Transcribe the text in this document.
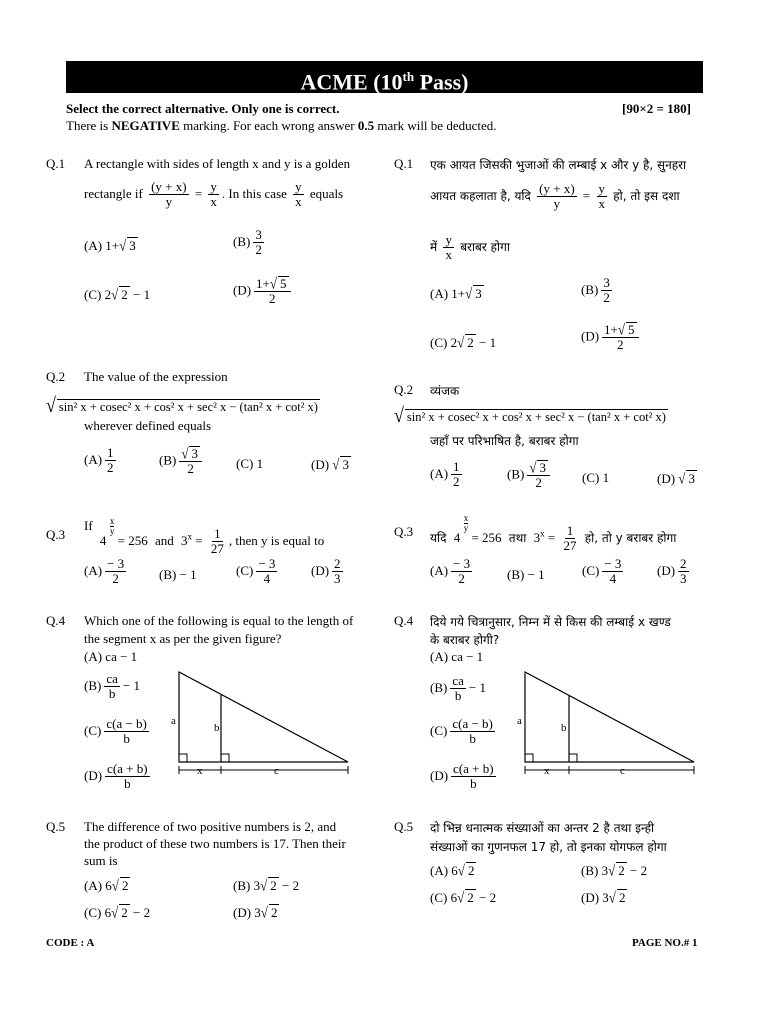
ACME (10th Pass)
Select the correct alternative. Only one is correct.	[90×2 = 180]
There is NEGATIVE marking. For each wrong answer 0.5 mark will be deducted.
Q.1 A rectangle with sides of length x and y is a golden
rectangle if $\frac{(y + x)}{y} = \frac{y}{x}$ . In this case $\frac{y}{x}$ equals
(A) 1+√ 3	$(B) \frac{3}{2}$
(C) 2√ 2 − 1	$(D) \frac{1+√ 5}{2}$
Q.1 एक आयत जिसकी भुजाओं की लम्बाई x और y है, सुनहरा
आयत कहलाता है, यदि $\frac{(y + x)}{y} = \frac{y}{x}$ हो, तो इस दशा
में $\frac{y}{x}$ बराबर होगा
(A) 1+√ 3	$(B) \frac{3}{2}$
(C) 2√ 2 − 1	$(D) \frac{1+√ 5}{2}$
Q.2 The value of the expression
√ sin² x + cosec² x + cos² x + sec² x − (tan² x + cot² x)
wherever defined equals
$(A) \frac{1}{2}$	$(B) \frac{√ 3}{2}$	(C) 1	(D) √ 3
Q.2 व्यंजक
√ sin² x + cosec² x + cos² x + sec² x − (tan² x + cot² x)
जहाँ पर परिभाषित है, बराबर होगा
$(A) \frac{1}{2}$	$(B) \frac{√ 3}{2} (C)$ 1	(D) √ 3
Q.3
If 4
x
y
= 256 and $3^x = \frac{1}{27}$ , then y is equal to
$(A) \frac{- 3}{2}$	(B) − 1	$(C) \frac{- 3}{4}$	$(D) \frac{2}{3}$
Q.3 यदि 4
x
y
= 256 तथा $3^x = \frac{1}{27}$ हो, तो y बराबर होगा
$(A) \frac{- 3}{2}$	(B) − 1	$(C) \frac{- 3}{4}$	$(D) \frac{2}{3}$
Q.4 Which one of the following is equal to the length of
the segment x as per the given figure?
(A) ca − 1
$(B) \frac{ca}{b} - 1$
$(C) \frac{c(a - b)}{b}$
$(D) \frac{c(a + b)}{b}$
a
b
x	c
Q.4 दिये गये चित्रानुसार, निम्न में से किस की लम्बाई x खण्ड
के बराबर होगी?
(A) ca − 1
$(B) \frac{ca}{b} - 1$
$(C) \frac{c(a - b)}{b}$
$(D) \frac{c(a + b)}{b}$
a
b
x	c
Q.5 The difference of two positive numbers is 2, and
the product of these two numbers is 17. Then their
sum is
(A) 6√ 2	(B) 3√ 2 − 2
(C) 6√ 2 − 2	(D) 3√ 2
Q.5 दो भिन्न धनात्मक संख्याओं का अन्तर 2 है तथा इन्ही
संख्याओं का गुणनफल 17 हो, तो इनका योगफल होगा
(A) 6√ 2	(B) 3√ 2 − 2
(C) 6√ 2 − 2	(D) 3√ 2
CODE : A	PAGE NO.# 1
